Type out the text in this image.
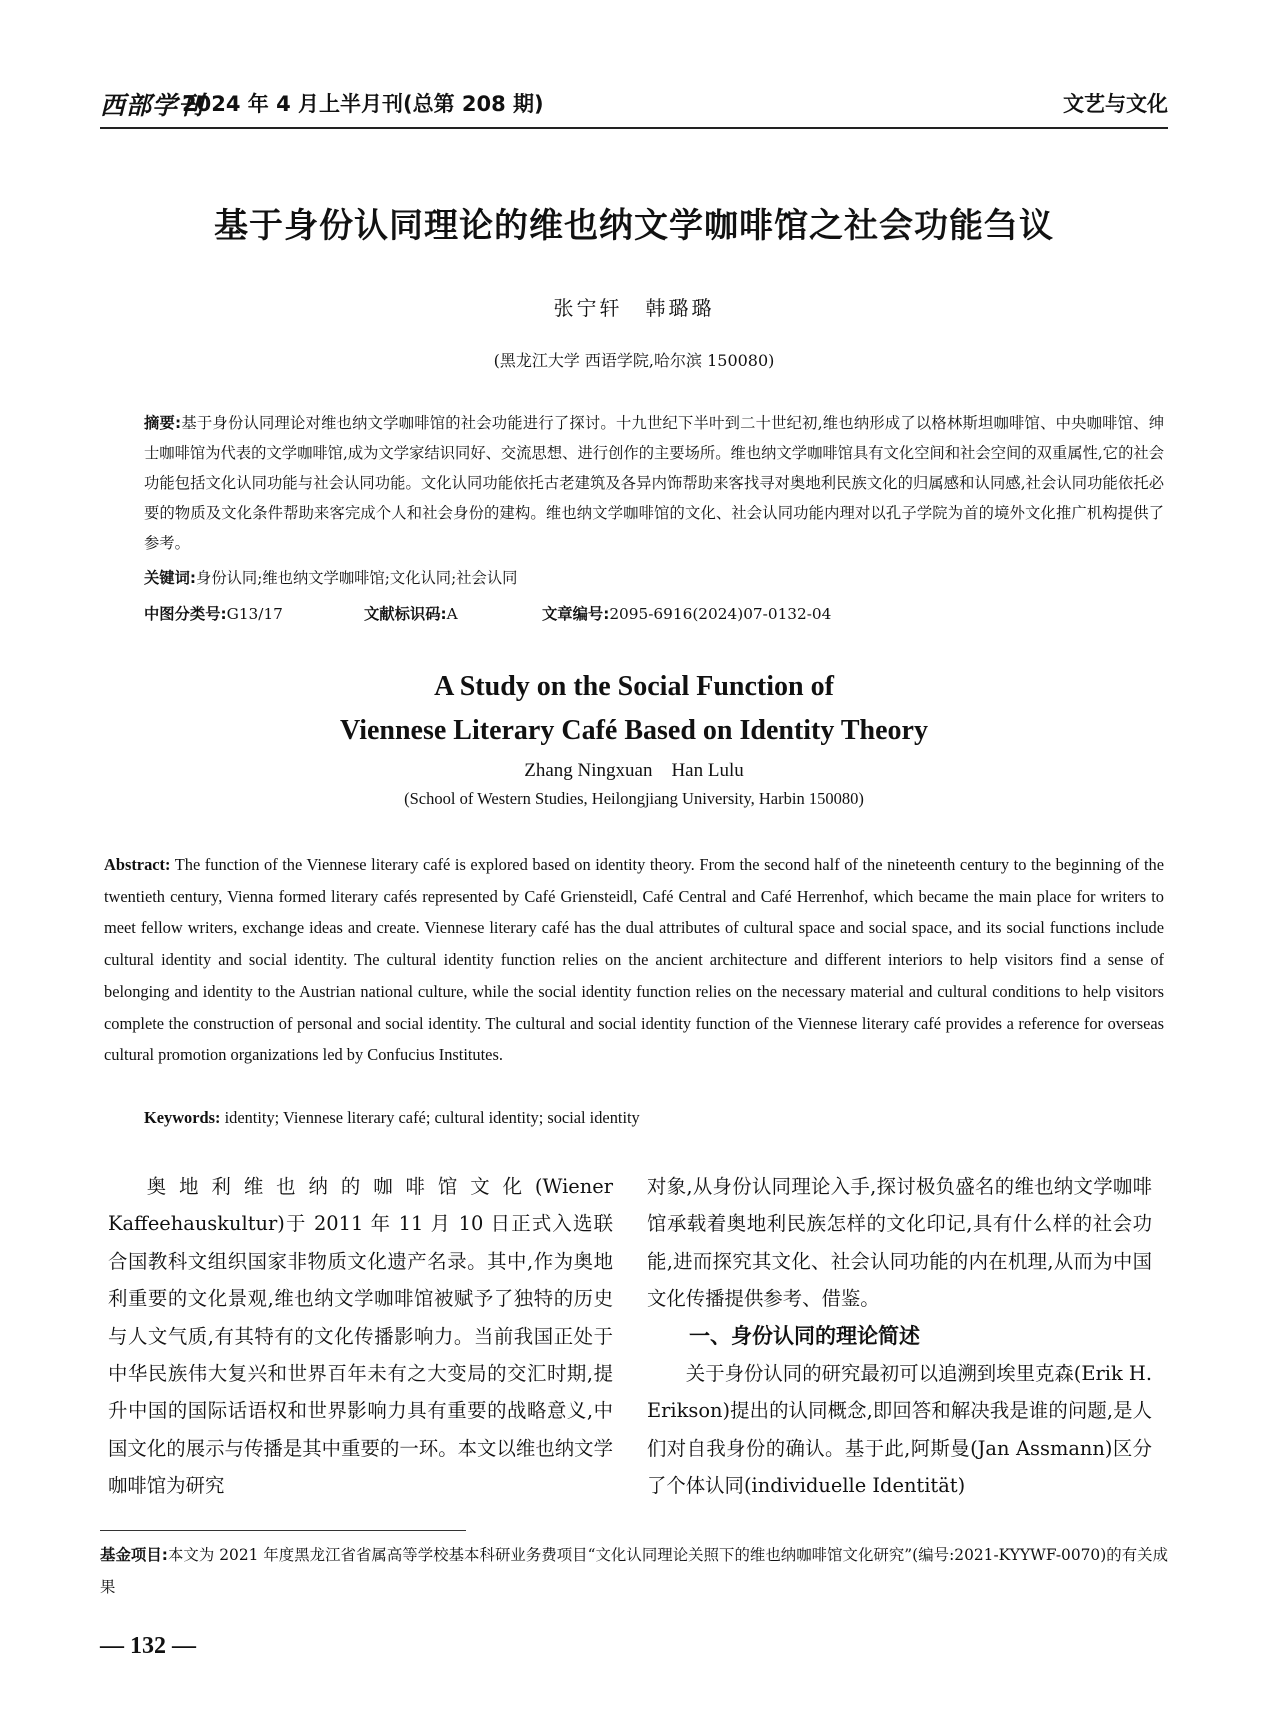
西部学刊
2024 年 4 月上半月刊(总第 208 期)	文艺与文化
基于身份认同理论的维也纳文学咖啡馆之社会功能刍议
张宁轩　韩璐璐
(黑龙江大学 西语学院,哈尔滨 150080)
摘要:基于身份认同理论对维也纳文学咖啡馆的社会功能进行了探讨。十九世纪下半叶到二十世纪初,维也纳形成了以格林斯坦咖啡馆、中央咖啡馆、绅士咖啡馆为代表的文学咖啡馆,成为文学家结识同好、交流思想、进行创作的主要场所。维也纳文学咖啡馆具有文化空间和社会空间的双重属性,它的社会功能包括文化认同功能与社会认同功能。文化认同功能依托古老建筑及各异内饰帮助来客找寻对奥地利民族文化的归属感和认同感,社会认同功能依托必要的物质及文化条件帮助来客完成个人和社会身份的建构。维也纳文学咖啡馆的文化、社会认同功能内理对以孔子学院为首的境外文化推广机构提供了参考。
关键词:身份认同;维也纳文学咖啡馆;文化认同;社会认同
中图分类号:G13/17	文献标识码:A	文章编号:2095-6916(2024)07-0132-04
A Study on the Social Function of
Viennese Literary Café Based on Identity Theory
Zhang Ningxuan　Han Lulu
(School of Western Studies, Heilongjiang University, Harbin 150080)
Abstract: The function of the Viennese literary café is explored based on identity theory. From the second half of the nineteenth century to the beginning of the twentieth century, Vienna formed literary cafés represented by Café Griensteidl, Café Central and Café Herrenhof, which became the main place for writers to meet fellow writers, exchange ideas and create. Viennese literary café has the dual attributes of cultural space and social space, and its social functions include cultural identity and social identity. The cultural identity function relies on the ancient architecture and different interiors to help visitors find a sense of belonging and identity to the Austrian national culture, while the social identity function relies on the necessary material and cultural conditions to help visitors complete the construction of personal and social identity. The cultural and social identity function of the Viennese literary café provides a reference for overseas cultural promotion organizations led by Confucius Institutes.
Keywords: identity; Viennese literary café; cultural identity; social identity

奥地利维也纳的咖啡馆文化(Wiener Kaffeehauskultur)于 2011 年 11 月 10 日正式入选联合国教科文组织国家非物质文化遗产名录。其中,作为奥地利重要的文化景观,维也纳文学咖啡馆被赋予了独特的历史与人文气质,有其特有的文化传播影响力。当前我国正处于中华民族伟大复兴和世界百年未有之大变局的交汇时期,提升中国的国际话语权和世界影响力具有重要的战略意义,中国文化的展示与传播是其中重要的一环。本文以维也纳文学咖啡馆为研究

对象,从身份认同理论入手,探讨极负盛名的维也纳文学咖啡馆承载着奥地利民族怎样的文化印记,具有什么样的社会功能,进而探究其文化、社会认同功能的内在机理,从而为中国文化传播提供参考、借鉴。

一、身份认同的理论简述

关于身份认同的研究最初可以追溯到埃里克森(Erik H. Erikson)提出的认同概念,即回答和解决我是谁的问题,是人们对自我身份的确认。基于此,阿斯曼(Jan Assmann)区分了个体认同(individuelle Identität)

基金项目:本文为 2021 年度黑龙江省省属高等学校基本科研业务费项目“文化认同理论关照下的维也纳咖啡馆文化研究”(编号:2021-KYYWF-0070)的有关成果
— 132 —
